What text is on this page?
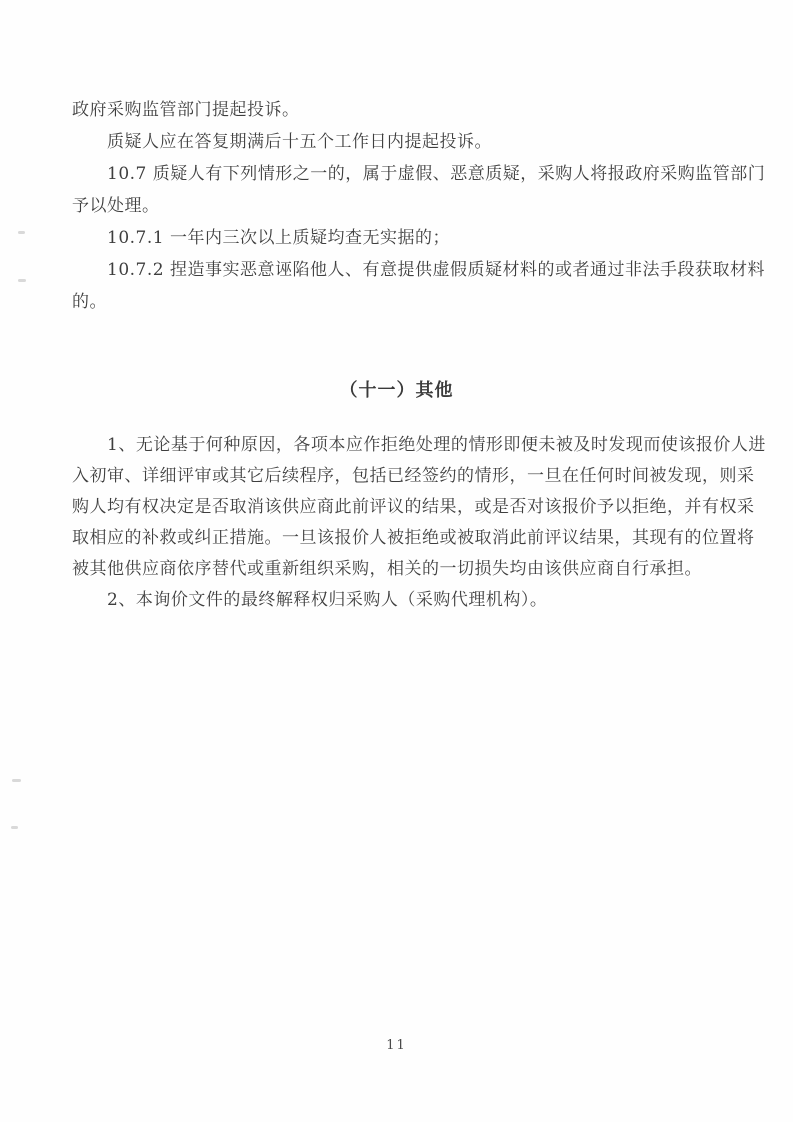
政府采购监管部门提起投诉。
质疑人应在答复期满后十五个工作日内提起投诉。
10.7 质疑人有下列情形之一的，属于虚假、恶意质疑，采购人将报政府采购监管部门
予以处理。
10.7.1 一年内三次以上质疑均查无实据的；
10.7.2 捏造事实恶意诬陷他人、有意提供虚假质疑材料的或者通过非法手段获取材料
的。
（十一）其他
1、无论基于何种原因，各项本应作拒绝处理的情形即便未被及时发现而使该报价人进
入初审、详细评审或其它后续程序，包括已经签约的情形，一旦在任何时间被发现，则采
购人均有权决定是否取消该供应商此前评议的结果，或是否对该报价予以拒绝，并有权采
取相应的补救或纠正措施。一旦该报价人被拒绝或被取消此前评议结果，其现有的位置将
被其他供应商依序替代或重新组织采购，相关的一切损失均由该供应商自行承担。
2、本询价文件的最终解释权归采购人（采购代理机构）。
11
